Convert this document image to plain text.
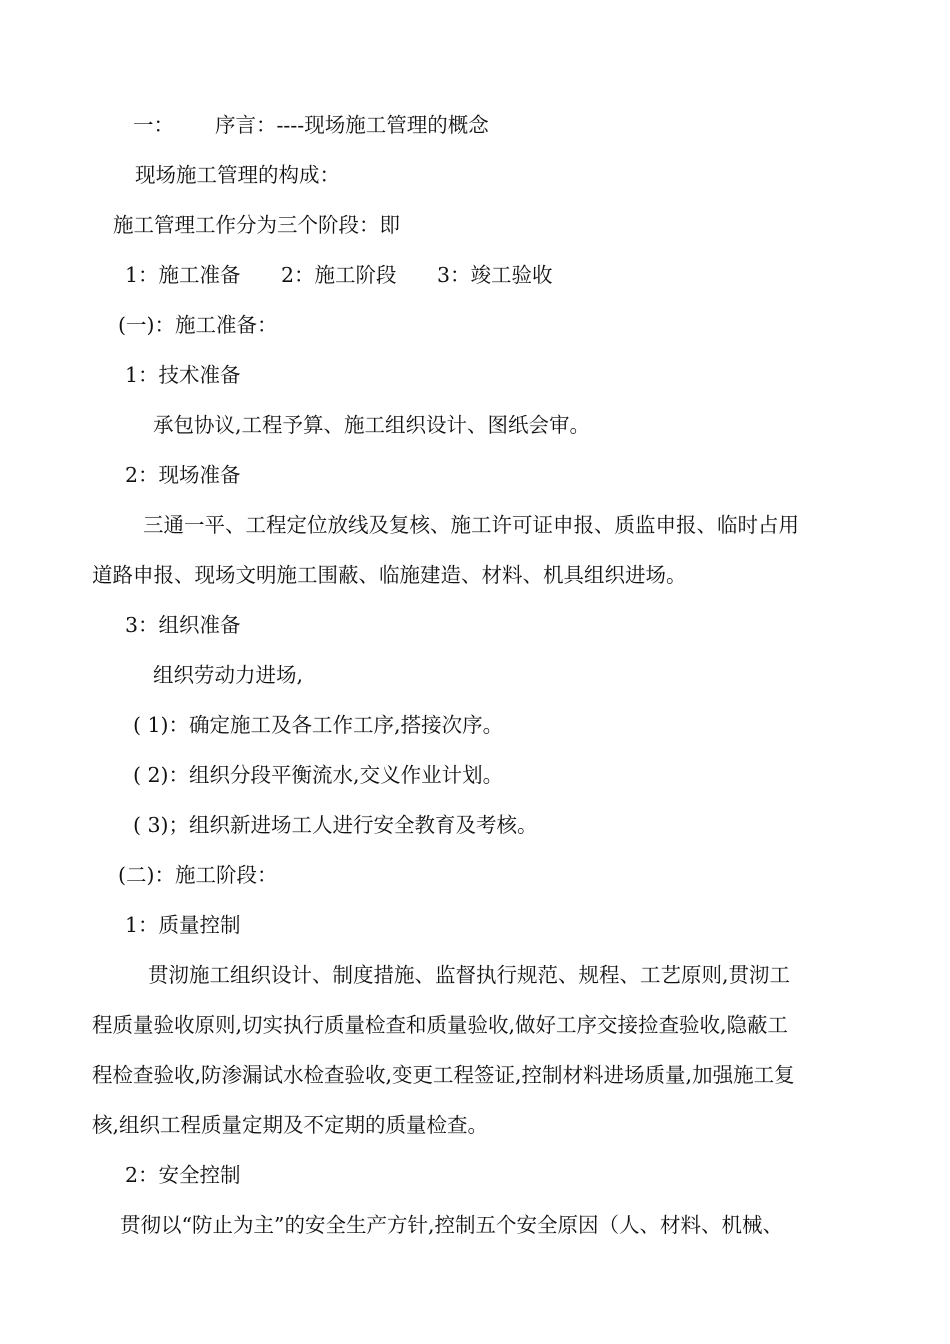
一： 序言：----现场施工管理的概念
现场施工管理的构成：
施工管理工作分为三个阶段：即
1：施工准备 2：施工阶段 3：竣工验收
(一)：施工准备：
1：技术准备
承包协议,工程予算、施工组织设计、图纸会审。
2：现场准备
三通一平、工程定位放线及复核、施工许可证申报、质监申报、临时占用
道路申报、现场文明施工围蔽、临施建造、材料、机具组织进场。
3：组织准备
组织劳动力进场,
( 1)：确定施工及各工作工序,搭接次序。
( 2)：组织分段平衡流水,交义作业计划。
( 3)；组织新进场工人进行安全教育及考核。
(二)：施工阶段：
1：质量控制
贯沏施工组织设计、制度措施、监督执行规范、规程、工艺原则,贯沏工
程质量验收原则,切实执行质量检查和质量验收,做好工序交接捡查验收,隐蔽工
程检查验收,防渗漏试水检查验收,变更工程签证,控制材料进场质量,加强施工复
核,组织工程质量定期及不定期的质量检查。
2：安全控制
贯彻以“防止为主”的安全生产方针,控制五个安全原因（人、材料、机械、
